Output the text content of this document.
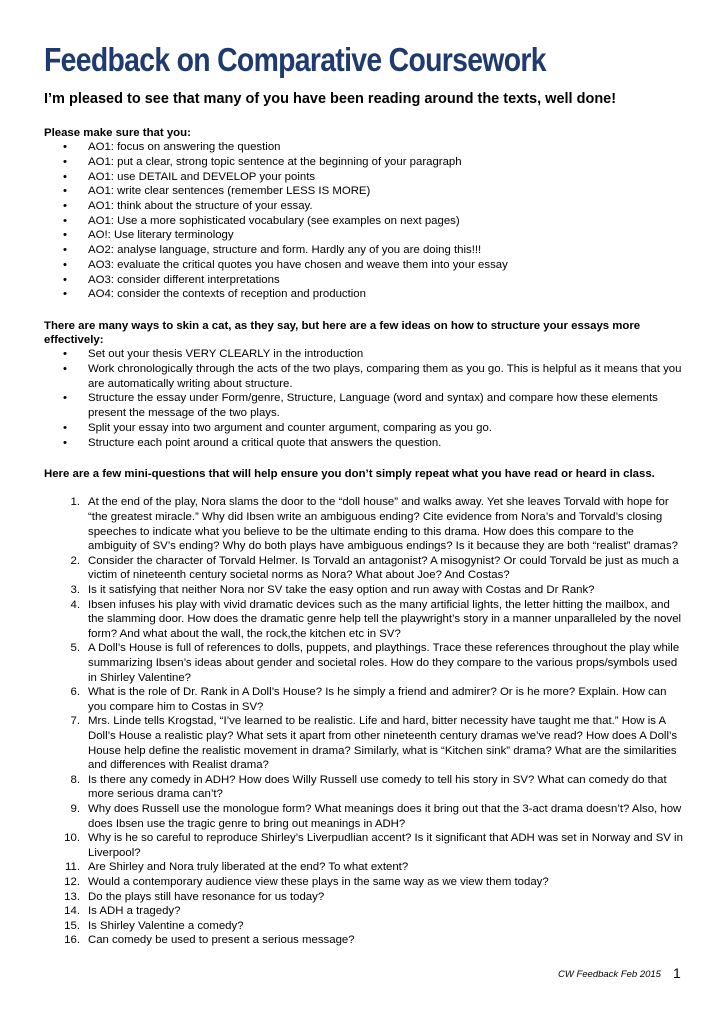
Feedback on Comparative Coursework

I’m pleased to see that many of you have been reading around the texts, well done!

Please make sure that you:

• AO1: focus on answering the question
• AO1: put a clear, strong topic sentence at the beginning of your paragraph
• AO1: use DETAIL and DEVELOP your points
• AO1: write clear sentences (remember LESS IS MORE)
• AO1: think about the structure of your essay.
• AO1: Use a more sophisticated vocabulary (see examples on next pages)
• AO!: Use literary terminology
• AO2: analyse language, structure and form. Hardly any of you are doing this!!!
• AO3: evaluate the critical quotes you have chosen and weave them into your essay
• AO3: consider different interpretations
• AO4: consider the contexts of reception and production

There are many ways to skin a cat, as they say, but here are a few ideas on how to structure your essays more effectively:

• Set out your thesis VERY CLEARLY in the introduction
• Work chronologically through the acts of the two plays, comparing them as you go. This is helpful as it means that you are automatically writing about structure.
• Structure the essay under Form/genre, Structure, Language (word and syntax) and compare how these elements present the message of the two plays.
• Split your essay into two argument and counter argument, comparing as you go.
• Structure each point around a critical quote that answers the question.

Here are a few mini-questions that will help ensure you don’t simply repeat what you have read or heard in class.

1. At the end of the play, Nora slams the door to the “doll house” and walks away. Yet she leaves Torvald with hope for “the greatest miracle.” Why did Ibsen write an ambiguous ending? Cite evidence from Nora’s and Torvald’s closing speeches to indicate what you believe to be the ultimate ending to this drama. How does this compare to the ambiguity of SV’s ending? Why do both plays have ambiguous endings? Is it because they are both “realist” dramas?
2. Consider the character of Torvald Helmer. Is Torvald an antagonist? A misogynist? Or could Torvald be just as much a victim of nineteenth century societal norms as Nora? What about Joe? And Costas?
3. Is it satisfying that neither Nora nor SV take the easy option and run away with Costas and Dr Rank?
4. Ibsen infuses his play with vivid dramatic devices such as the many artificial lights, the letter hitting the mailbox, and the slamming door. How does the dramatic genre help tell the playwright’s story in a manner unparalleled by the novel form? And what about the wall, the rock,the kitchen etc in SV?
5. A Doll’s House is full of references to dolls, puppets, and playthings. Trace these references throughout the play while summarizing Ibsen’s ideas about gender and societal roles. How do they compare to the various props/symbols used in Shirley Valentine?
6. What is the role of Dr. Rank in A Doll’s House? Is he simply a friend and admirer? Or is he more? Explain. How can you compare him to Costas in SV?
7. Mrs. Linde tells Krogstad, “I’ve learned to be realistic. Life and hard, bitter necessity have taught me that.” How is A Doll’s House a realistic play? What sets it apart from other nineteenth century dramas we’ve read? How does A Doll’s House help define the realistic movement in drama? Similarly, what is “Kitchen sink” drama? What are the similarities and differences with Realist drama?
8. Is there any comedy in ADH? How does Willy Russell use comedy to tell his story in SV? What can comedy do that more serious drama can’t?
9. Why does Russell use the monologue form? What meanings does it bring out that the 3-act drama doesn’t? Also, how does Ibsen use the tragic genre to bring out meanings in ADH?
10. Why is he so careful to reproduce Shirley’s Liverpudlian accent? Is it significant that ADH was set in Norway and SV in Liverpool?
11. Are Shirley and Nora truly liberated at the end? To what extent?
12. Would a contemporary audience view these plays in the same way as we view them today?
13. Do the plays still have resonance for us today?
14. Is ADH a tragedy?
15. Is Shirley Valentine a comedy?
16. Can comedy be used to present a serious message?
CW Feedback Feb 2015 1
